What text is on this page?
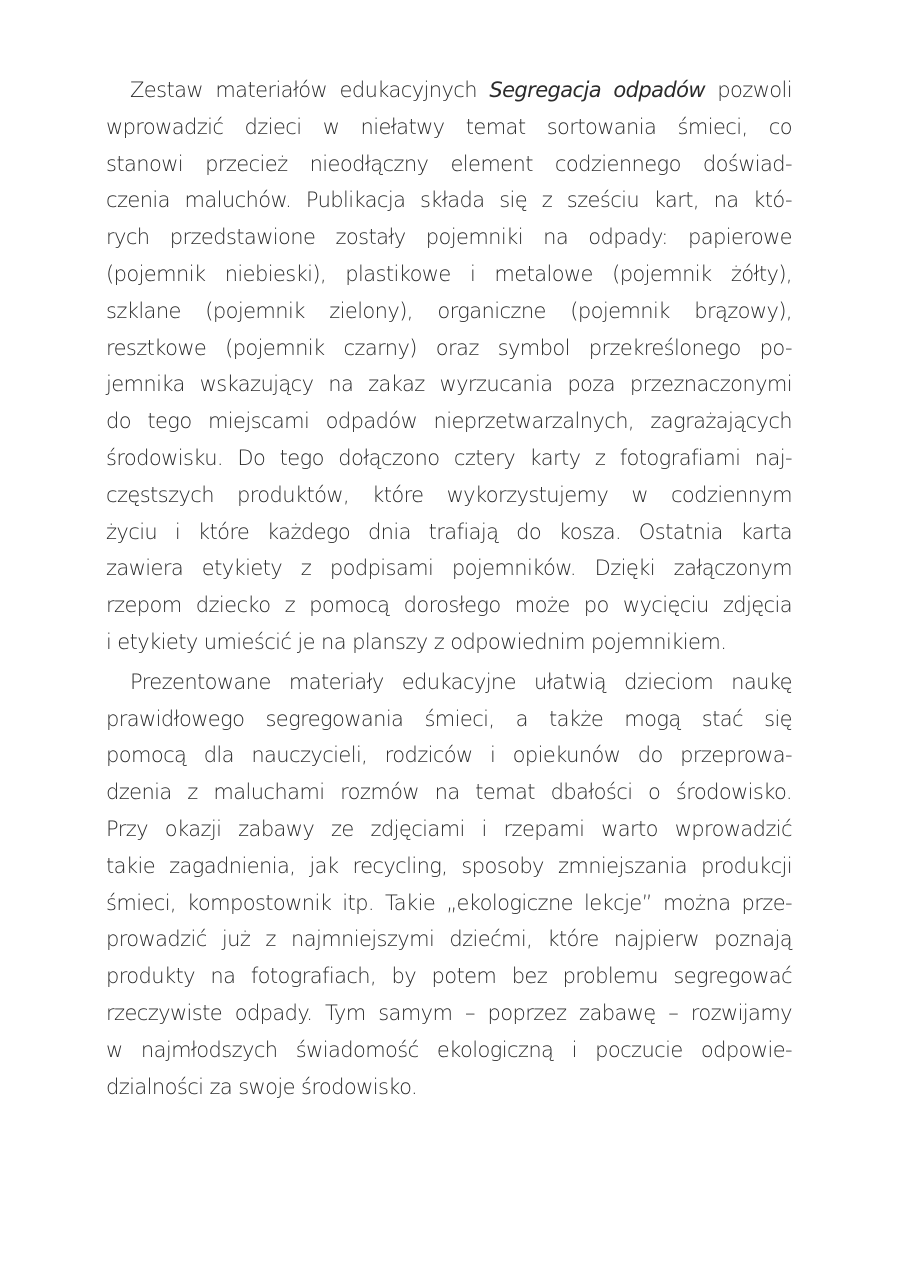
Zestaw materiałów edukacyjnych Segregacja odpadów pozwoli
wprowadzić dzieci w niełatwy temat sortowania śmieci, co
stanowi przecież nieodłączny element codziennego doświad-
czenia maluchów. Publikacja składa się z sześciu kart, na któ-
rych przedstawione zostały pojemniki na odpady: papierowe
(pojemnik niebieski), plastikowe i metalowe (pojemnik żółty),
szklane (pojemnik zielony), organiczne (pojemnik brązowy),
resztkowe (pojemnik czarny) oraz symbol przekreślonego po-
jemnika wskazujący na zakaz wyrzucania poza przeznaczonymi
do tego miejscami odpadów nieprzetwarzalnych, zagrażających
środowisku. Do tego dołączono cztery karty z fotografiami naj-
częstszych produktów, które wykorzystujemy w codziennym
życiu i które każdego dnia trafiają do kosza. Ostatnia karta
zawiera etykiety z podpisami pojemników. Dzięki załączonym
rzepom dziecko z pomocą dorosłego może po wycięciu zdjęcia
i etykiety umieścić je na planszy z odpowiednim pojemnikiem.

Prezentowane materiały edukacyjne ułatwią dzieciom naukę
prawidłowego segregowania śmieci, a także mogą stać się
pomocą dla nauczycieli, rodziców i opiekunów do przeprowa-
dzenia z maluchami rozmów na temat dbałości o środowisko.
Przy okazji zabawy ze zdjęciami i rzepami warto wprowadzić
takie zagadnienia, jak recycling, sposoby zmniejszania produkcji
śmieci, kompostownik itp. Takie „ekologiczne lekcje” można prze-
prowadzić już z najmniejszymi dziećmi, które najpierw poznają
produkty na fotografiach, by potem bez problemu segregować
rzeczywiste odpady. Tym samym – poprzez zabawę – rozwijamy
w najmłodszych świadomość ekologiczną i poczucie odpowie-
dzialności za swoje środowisko.
